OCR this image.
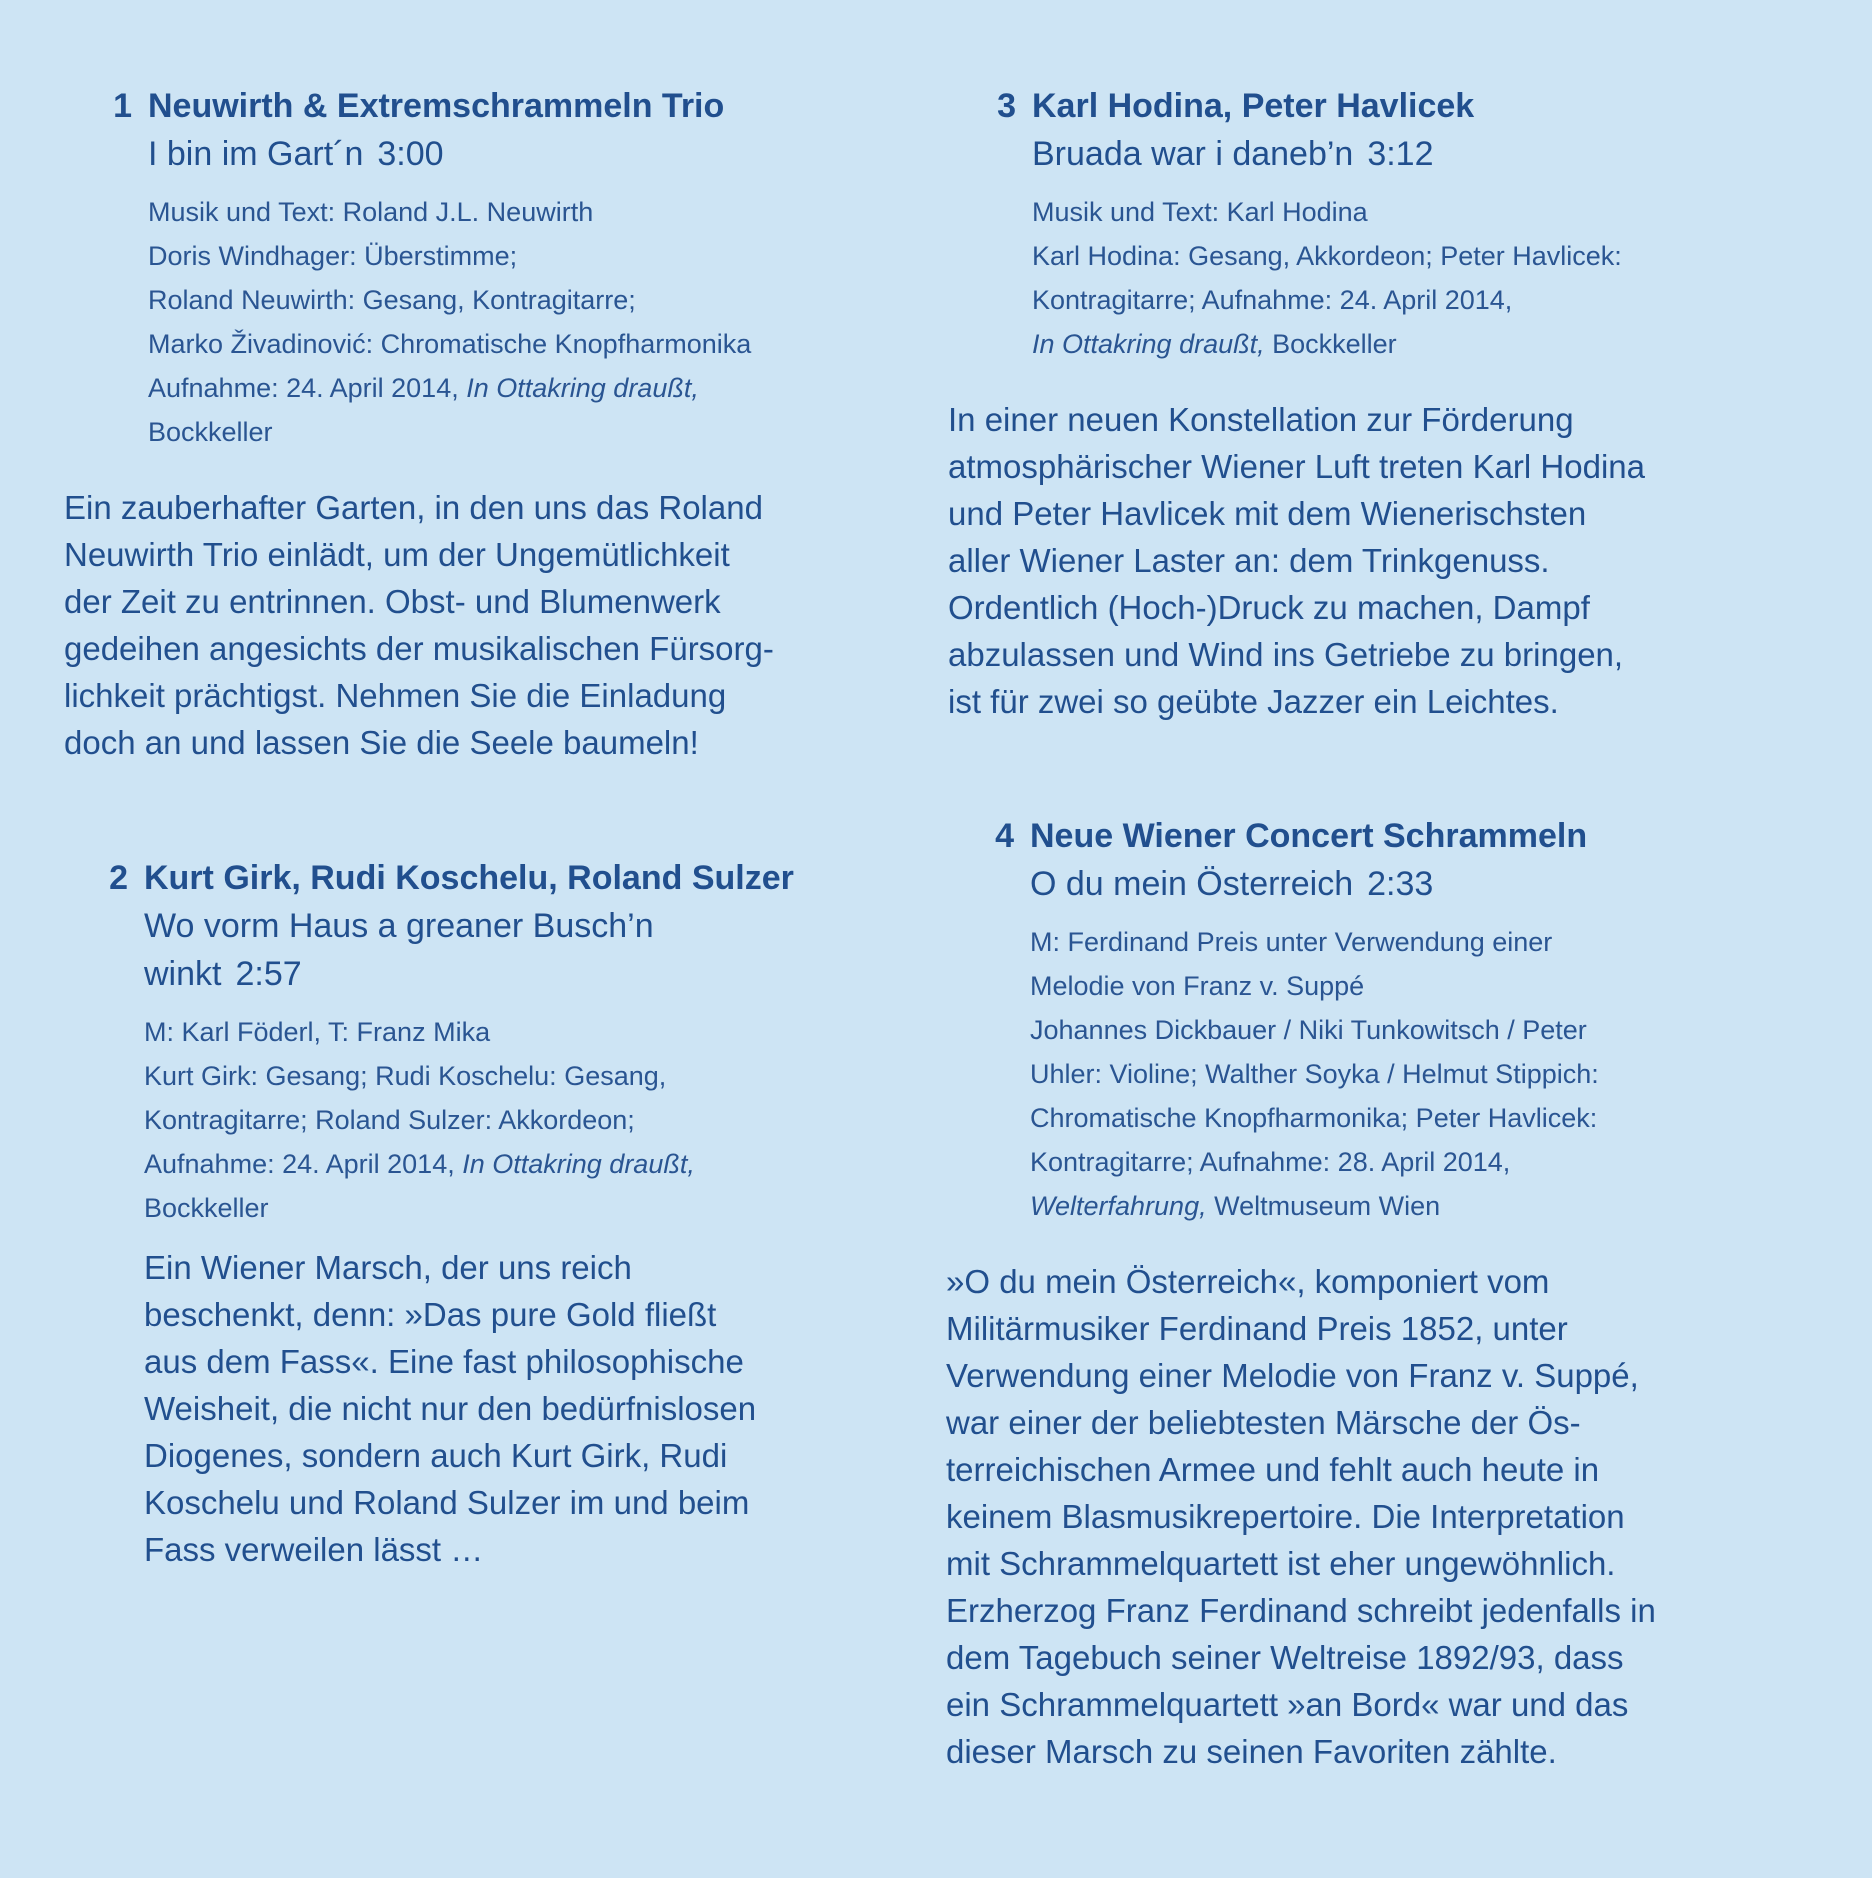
1 Neuwirth & Extremschrammeln Trio
I bin im Gart´n 3:00
Musik und Text: Roland J.L. Neuwirth
Doris Windhager: Überstimme;
Roland Neuwirth: Gesang, Kontragitarre;
Marko Živadinović: Chromatische Knopfharmonika
Aufnahme: 24. April 2014, In Ottakring draußt,
Bockkeller
Ein zauberhafter Garten, in den uns das Roland
Neuwirth Trio einlädt, um der Ungemütlichkeit
der Zeit zu entrinnen. Obst- und Blumenwerk
gedeihen angesichts der musikalischen Fürsorg-
lichkeit prächtigst. Nehmen Sie die Einladung
doch an und lassen Sie die Seele baumeln!
2 Kurt Girk, Rudi Koschelu, Roland Sulzer
Wo vorm Haus a greaner Busch’n
winkt 2:57
M: Karl Föderl, T: Franz Mika
Kurt Girk: Gesang; Rudi Koschelu: Gesang,
Kontragitarre; Roland Sulzer: Akkordeon;
Aufnahme: 24. April 2014, In Ottakring draußt,
Bockkeller
Ein Wiener Marsch, der uns reich
beschenkt, denn: »Das pure Gold fließt
aus dem Fass«. Eine fast philosophische
Weisheit, die nicht nur den bedürfnislosen
Diogenes, sondern auch Kurt Girk, Rudi
Koschelu und Roland Sulzer im und beim
Fass verweilen lässt …
3 Karl Hodina, Peter Havlicek
Bruada war i daneb’n 3:12
Musik und Text: Karl Hodina
Karl Hodina: Gesang, Akkordeon; Peter Havlicek:
Kontragitarre; Aufnahme: 24. April 2014,
In Ottakring draußt, Bockkeller
In einer neuen Konstellation zur Förderung
atmosphärischer Wiener Luft treten Karl Hodina
und Peter Havlicek mit dem Wienerischsten
aller Wiener Laster an: dem Trinkgenuss.
Ordentlich (Hoch-)Druck zu machen, Dampf
abzulassen und Wind ins Getriebe zu bringen,
ist für zwei so geübte Jazzer ein Leichtes.
4 Neue Wiener Concert Schrammeln
O du mein Österreich 2:33
M: Ferdinand Preis unter Verwendung einer
Melodie von Franz v. Suppé
Johannes Dickbauer / Niki Tunkowitsch / Peter
Uhler: Violine; Walther Soyka / Helmut Stippich:
Chromatische Knopfharmonika; Peter Havlicek:
Kontragitarre; Aufnahme: 28. April 2014,
Welterfahrung, Weltmuseum Wien
»O du mein Österreich«, komponiert vom
Militärmusiker Ferdinand Preis 1852, unter
Verwendung einer Melodie von Franz v. Suppé,
war einer der beliebtesten Märsche der Ös-
terreichischen Armee und fehlt auch heute in
keinem Blasmusikrepertoire. Die Interpretation
mit Schrammelquartett ist eher ungewöhnlich.
Erzherzog Franz Ferdinand schreibt jedenfalls in
dem Tagebuch seiner Weltreise 1892/93, dass
ein Schrammelquartett »an Bord« war und das
dieser Marsch zu seinen Favoriten zählte.
